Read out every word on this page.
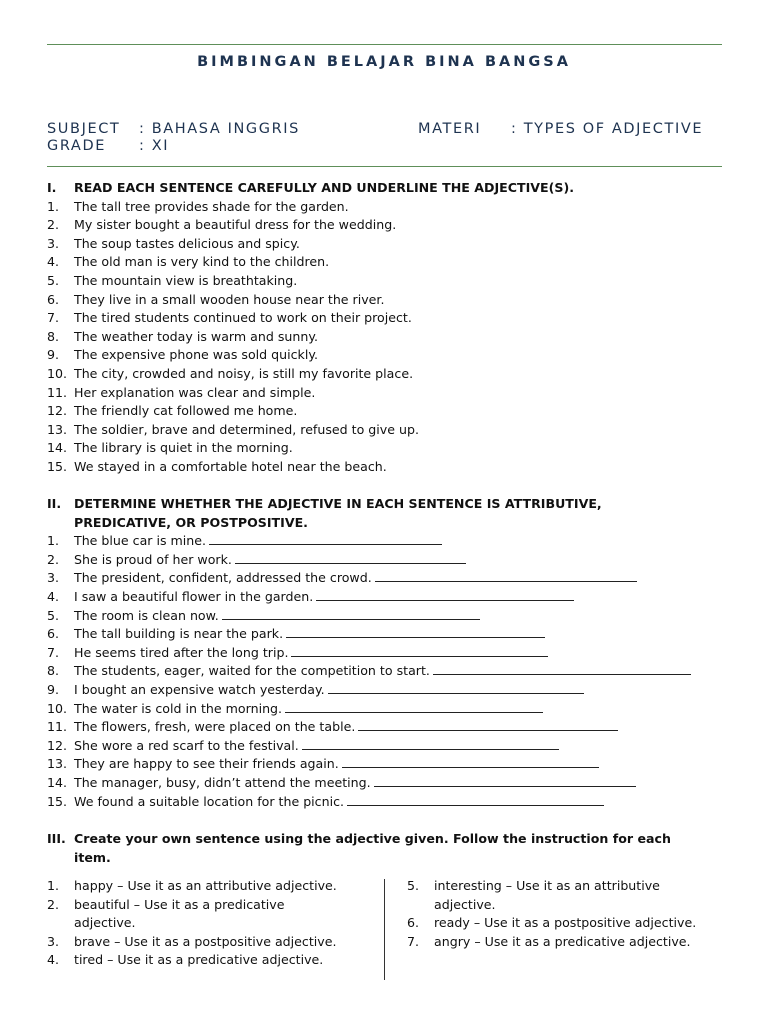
BIMBINGAN BELAJAR BINA BANGSA
SUBJECT : BAHASA INGGRIS	MATERI : TYPES OF ADJECTIVE
GRADE : XI
I. READ EACH SENTENCE CAREFULLY AND UNDERLINE THE ADJECTIVE(S).
1. The tall tree provides shade for the garden.
2. My sister bought a beautiful dress for the wedding.
3. The soup tastes delicious and spicy.
4. The old man is very kind to the children.
5. The mountain view is breathtaking.
6. They live in a small wooden house near the river.
7. The tired students continued to work on their project.
8. The weather today is warm and sunny.
9. The expensive phone was sold quickly.
10. The city, crowded and noisy, is still my favorite place.
11. Her explanation was clear and simple.
12. The friendly cat followed me home.
13. The soldier, brave and determined, refused to give up.
14. The library is quiet in the morning.
15. We stayed in a comfortable hotel near the beach.
II. DETERMINE WHETHER THE ADJECTIVE IN EACH SENTENCE IS ATTRIBUTIVE,
PREDICATIVE, OR POSTPOSITIVE.
1. The blue car is mine.
2. She is proud of her work.
3. The president, confident, addressed the crowd.
4. I saw a beautiful flower in the garden.
5. The room is clean now.
6. The tall building is near the park.
7. He seems tired after the long trip.
8. The students, eager, waited for the competition to start.
9. I bought an expensive watch yesterday.
10. The water is cold in the morning.
11. The flowers, fresh, were placed on the table.
12. She wore a red scarf to the festival.
13. They are happy to see their friends again.
14. The manager, busy, didn’t attend the meeting.
15. We found a suitable location for the picnic.
III. Create your own sentence using the adjective given. Follow the instruction for each
item.
1. happy – Use it as an attributive adjective.
2. beautiful – Use it as a predicative
adjective.
3. brave – Use it as a postpositive adjective.
4. tired – Use it as a predicative adjective.
5. interesting – Use it as an attributive
adjective.
6. ready – Use it as a postpositive adjective.
7. angry – Use it as a predicative adjective.
